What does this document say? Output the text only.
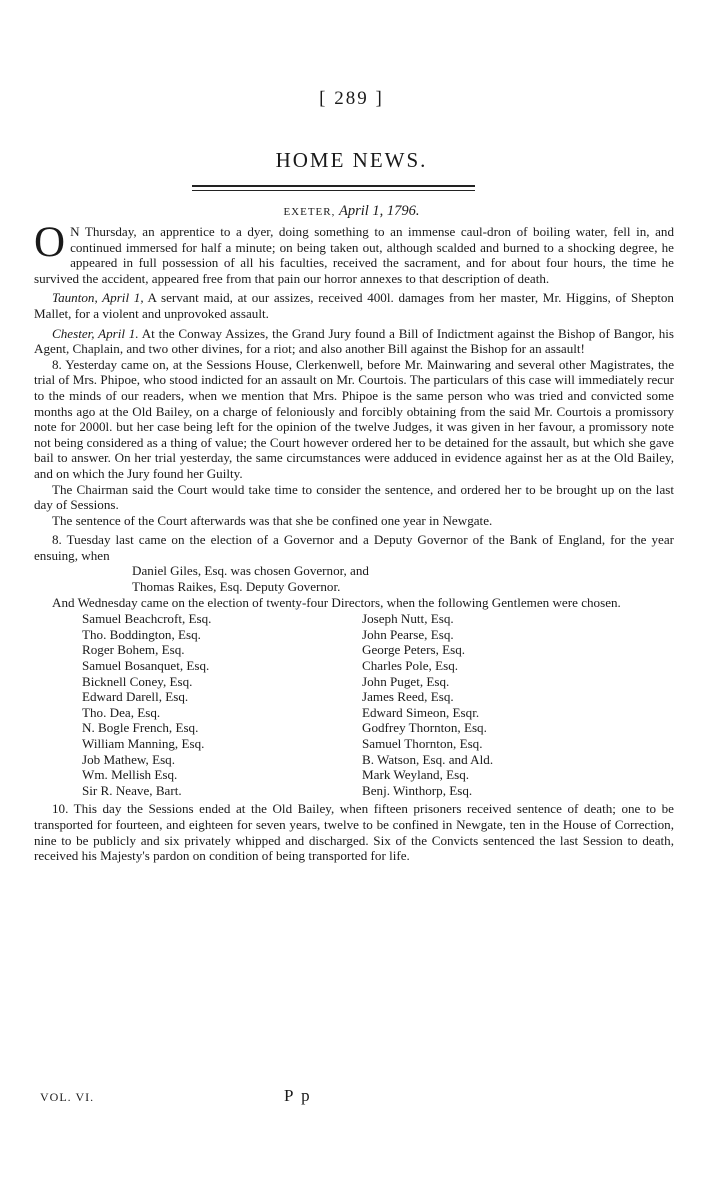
[ 289 ]
HOME NEWS.
EXETER, April 1, 1796.

O N Thursday, an apprentice to a dyer, doing something to an immense caul-dron of boiling water, fell in, and continued immersed for half a minute; on being taken out, although scalded and burned to a shocking degree, he appeared in full possession of all his faculties, received the sacrament, and for about four hours, the time he survived the accident, appeared free from that pain our horror annexes to that description of death.

Taunton, April 1, A servant maid, at our assizes, received 400l. damages from her master, Mr. Higgins, of Shepton Mallet, for a violent and unprovoked assault.

Chester, April 1. At the Conway Assizes, the Grand Jury found a Bill of Indictment against the Bishop of Bangor, his Agent, Chaplain, and two other divines, for a riot; and also another Bill against the Bishop for an assault!

8. Yesterday came on, at the Sessions House, Clerkenwell, before Mr. Mainwaring and several other Magistrates, the trial of Mrs. Phipoe, who stood indicted for an assault on Mr. Courtois. The particulars of this case will immediately recur to the minds of our readers, when we mention that Mrs. Phipoe is the same person who was tried and convicted some months ago at the Old Bailey, on a charge of feloniously and forcibly obtaining from the said Mr. Courtois a promissory note for 2000l. but her case being left for the opinion of the twelve Judges, it was given in her favour, a promissory note not being considered as a thing of value; the Court however ordered her to be detained for the assault, but which she gave bail to answer. On her trial yesterday, the same circumstances were adduced in evidence against her as at the Old Bailey, and on which the Jury found her Guilty.

The Chairman said the Court would take time to consider the sentence, and ordered her to be brought up on the last day of Sessions.

The sentence of the Court afterwards was that she be confined one year in Newgate.

8. Tuesday last came on the election of a Governor and a Deputy Governor of the Bank of England, for the year ensuing, when

Daniel Giles, Esq. was chosen Governor, and

Thomas Raikes, Esq. Deputy Governor.

And Wednesday came on the election of twenty-four Directors, when the following Gentlemen were chosen.

Samuel Beachcroft, Esq.
Tho. Boddington, Esq.
Roger Bohem, Esq.
Samuel Bosanquet, Esq.
Bicknell Coney, Esq.
Edward Darell, Esq.
Tho. Dea, Esq.
N. Bogle French, Esq.
William Manning, Esq.
Job Mathew, Esq.
Wm. Mellish Esq.
Sir R. Neave, Bart.
Joseph Nutt, Esq.
John Pearse, Esq.
George Peters, Esq.
Charles Pole, Esq.
John Puget, Esq.
James Reed, Esq.
Edward Simeon, Esqr.
Godfrey Thornton, Esq.
Samuel Thornton, Esq.
B. Watson, Esq. and Ald.
Mark Weyland, Esq.
Benj. Winthorp, Esq.

10. This day the Sessions ended at the Old Bailey, when fifteen prisoners received sentence of death; one to be transported for fourteen, and eighteen for seven years, twelve to be confined in Newgate, ten in the House of Correction, nine to be publicly and six privately whipped and discharged. Six of the Convicts sentenced the last Session to death, received his Majesty's pardon on condition of being transported for life.

VOL. VI.	P p
